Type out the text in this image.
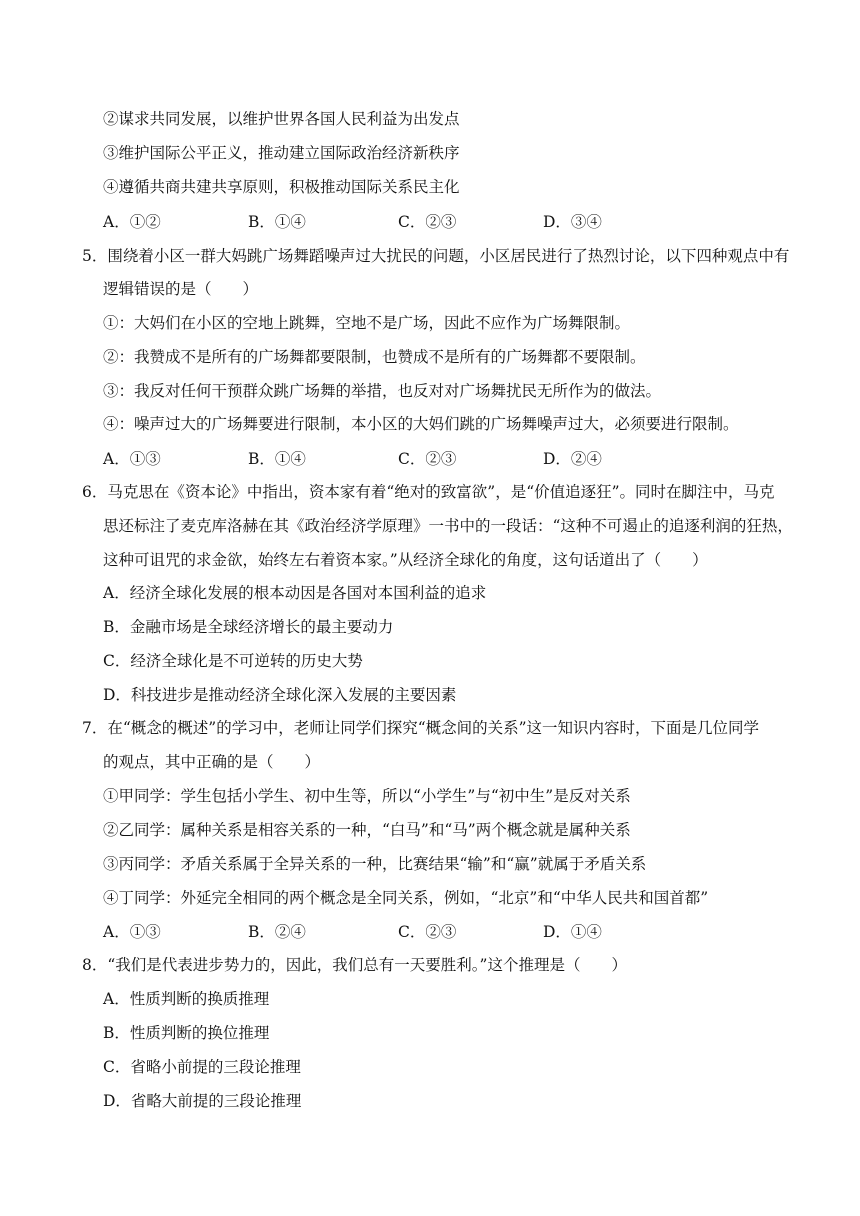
②谋求共同发展，以维护世界各国人民利益为出发点
③维护国际公平正义，推动建立国际政治经济新秩序
④遵循共商共建共享原则，积极推动国际关系民主化
A．①②	B．①④	C．②③	D．③④
5．围绕着小区一群大妈跳广场舞蹈噪声过大扰民的问题，小区居民进行了热烈讨论，以下四种观点中有
逻辑错误的是（　　）
①：大妈们在小区的空地上跳舞，空地不是广场，因此不应作为广场舞限制。
②：我赞成不是所有的广场舞都要限制，也赞成不是所有的广场舞都不要限制。
③：我反对任何干预群众跳广场舞的举措，也反对对广场舞扰民无所作为的做法。
④：噪声过大的广场舞要进行限制，本小区的大妈们跳的广场舞噪声过大，必须要进行限制。
A．①③	B．①④	C．②③	D．②④
6．马克思在《资本论》中指出，资本家有着“绝对的致富欲”，是“价值追逐狂”。同时在脚注中，马克
思还标注了麦克库洛赫在其《政治经济学原理》一书中的一段话：“这种不可遏止的追逐利润的狂热，
这种可诅咒的求金欲，始终左右着资本家。”从经济全球化的角度，这句话道出了（　　）
A．经济全球化发展的根本动因是各国对本国利益的追求
B．金融市场是全球经济增长的最主要动力
C．经济全球化是不可逆转的历史大势
D．科技进步是推动经济全球化深入发展的主要因素
7．在“概念的概述”的学习中，老师让同学们探究“概念间的关系”这一知识内容时，下面是几位同学
的观点，其中正确的是（　　）
①甲同学：学生包括小学生、初中生等，所以“小学生”与“初中生”是反对关系
②乙同学：属种关系是相容关系的一种，“白马”和“马”两个概念就是属种关系
③丙同学：矛盾关系属于全异关系的一种，比赛结果“输”和“赢”就属于矛盾关系
④丁同学：外延完全相同的两个概念是全同关系，例如，“北京”和“中华人民共和国首都”
A．①③	B．②④	C．②③	D．①④
8．“我们是代表进步势力的，因此，我们总有一天要胜利。”这个推理是（　　）
A．性质判断的换质推理
B．性质判断的换位推理
C．省略小前提的三段论推理
D．省略大前提的三段论推理
